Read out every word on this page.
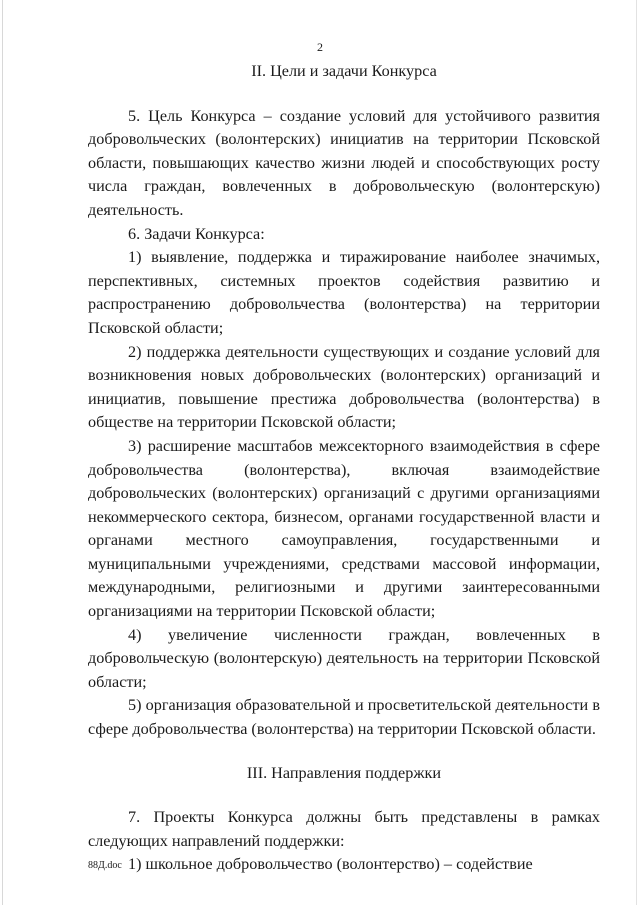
2
II. Цели и задачи Конкурса

5. Цель Конкурса – создание условий для устойчивого развития добровольческих (волонтерских) инициатив на территории Псковской области, повышающих качество жизни людей и способствующих росту числа граждан, вовлеченных в добровольческую (волонтерскую) деятельность.

6. Задачи Конкурса:

1) выявление, поддержка и тиражирование наиболее значимых, перспективных, системных проектов содействия развитию и распространению добровольчества (волонтерства) на территории Псковской области;

2) поддержка деятельности существующих и создание условий для возникновения новых добровольческих (волонтерских) организаций и инициатив, повышение престижа добровольчества (волонтерства) в обществе на территории Псковской области;

3) расширение масштабов межсекторного взаимодействия в сфере добровольчества (волонтерства), включая взаимодействие добровольческих (волонтерских) организаций с другими организациями некоммерческого сектора, бизнесом, органами государственной власти и органами местного самоуправления, государственными и муниципальными учреждениями, средствами массовой информации, международными, религиозными и другими заинтересованными организациями на территории Псковской области;

4) увеличение численности граждан, вовлеченных в добровольческую (волонтерскую) деятельность на территории Псковской области;

5) организация образовательной и просветительской деятельности в сфере добровольчества (волонтерства) на территории Псковской области.

III. Направления поддержки

7. Проекты Конкурса должны быть представлены в рамках следующих направлений поддержки:

1) школьное добровольчество (волонтерство) – содействие

88Д.doc
